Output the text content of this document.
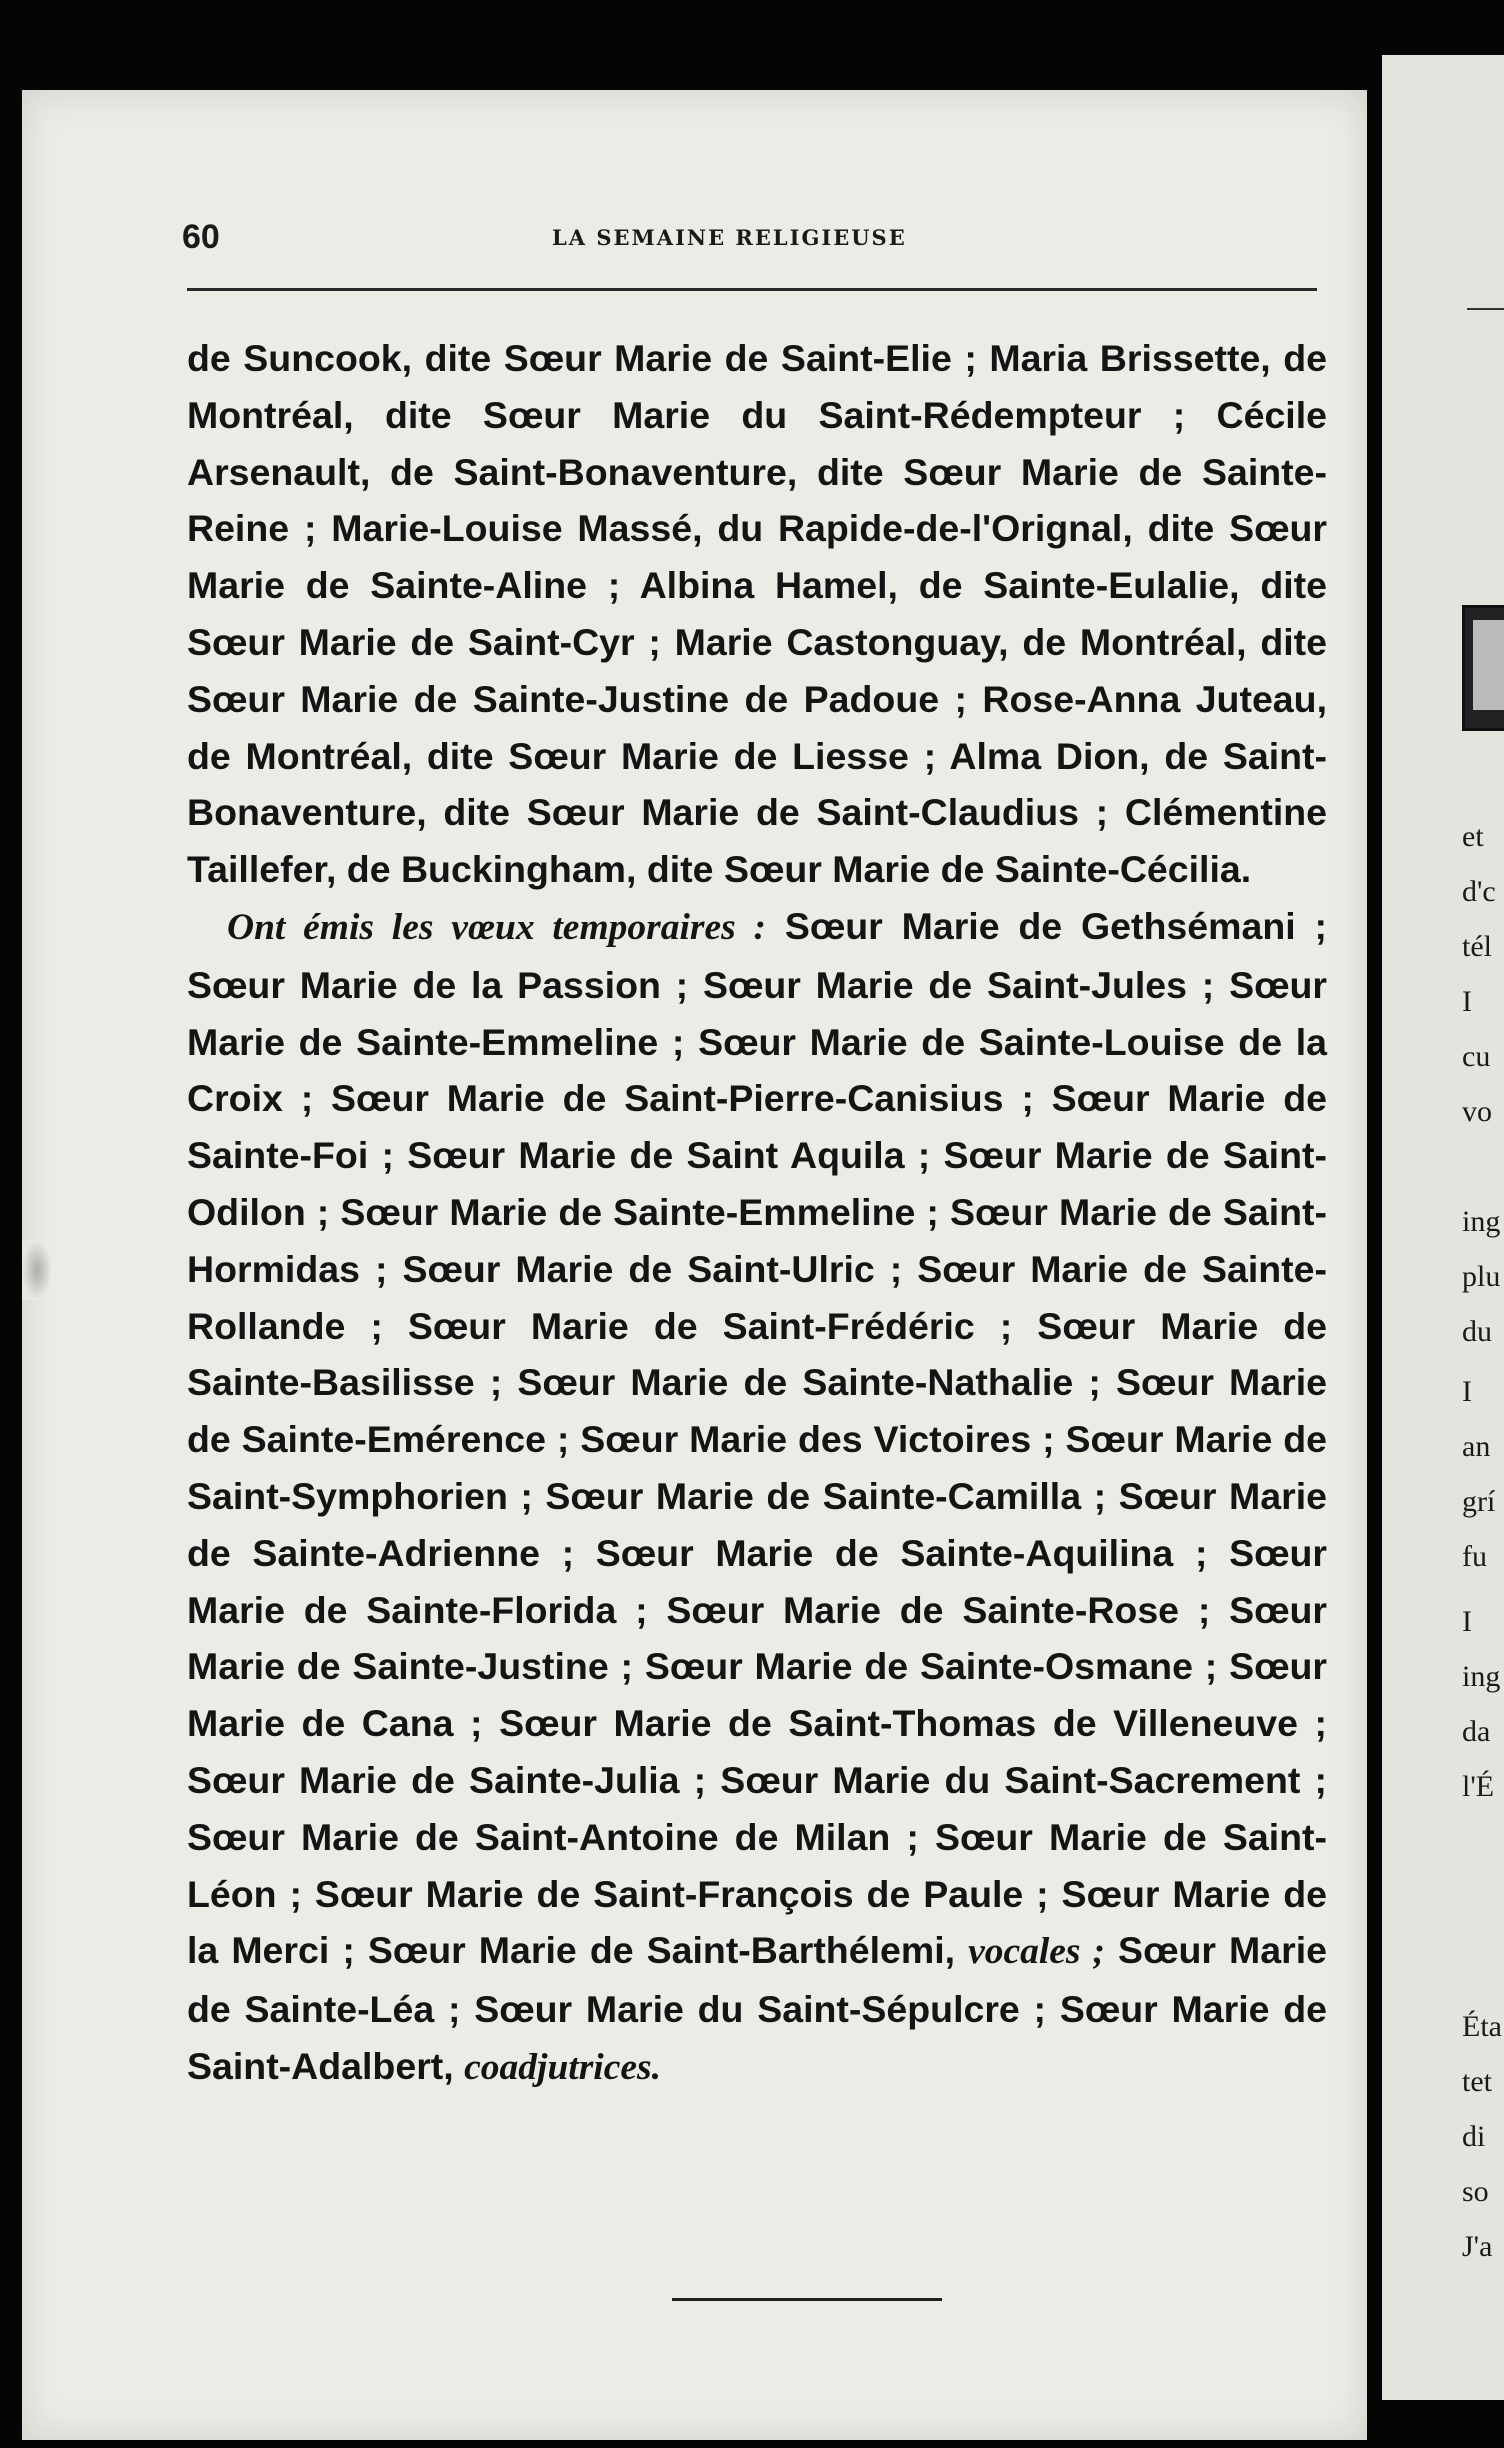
60	LA SEMAINE RELIGIEUSE

de Suncook, dite Sœur Marie de Saint-Elie ; Maria Brissette, de Montréal, dite Sœur Marie du Saint-Rédempteur ; Cécile Arsenault, de Saint-Bonaventure, dite Sœur Marie de Sainte-Reine ; Marie-Louise Massé, du Rapide-de-l'Orignal, dite Sœur Marie de Sainte-Aline ; Albina Hamel, de Sainte-Eulalie, dite Sœur Marie de Saint-Cyr ; Marie Castonguay, de Montréal, dite Sœur Marie de Sainte-Justine de Padoue ; Rose-Anna Juteau, de Montréal, dite Sœur Marie de Liesse ; Alma Dion, de Saint-Bonaventure, dite Sœur Marie de Saint-Claudius ; Clémentine Taillefer, de Buckingham, dite Sœur Marie de Sainte-Cécilia.

Ont émis les vœux temporaires : Sœur Marie de Gethsémani ; Sœur Marie de la Passion ; Sœur Marie de Saint-Jules ; Sœur Marie de Sainte-Emmeline ; Sœur Marie de Sainte-Louise de la Croix ; Sœur Marie de Saint-Pierre-Canisius ; Sœur Marie de Sainte-Foi ; Sœur Marie de Saint Aquila ; Sœur Marie de Saint-Odilon ; Sœur Marie de Sainte-Emmeline ; Sœur Marie de Saint-Hormidas ; Sœur Marie de Saint-Ulric ; Sœur Marie de Sainte-Rollande ; Sœur Marie de Saint-Frédéric ; Sœur Marie de Sainte-Basilisse ; Sœur Marie de Sainte-Nathalie ; Sœur Marie de Sainte-Emérence ; Sœur Marie des Victoires ; Sœur Marie de Saint-Symphorien ; Sœur Marie de Sainte-Camilla ; Sœur Marie de Sainte-Adrienne ; Sœur Marie de Sainte-Aquilina ; Sœur Marie de Sainte-Florida ; Sœur Marie de Sainte-Rose ; Sœur Marie de Sainte-Justine ; Sœur Marie de Sainte-Osmane ; Sœur Marie de Cana ; Sœur Marie de Saint-Thomas de Villeneuve ; Sœur Marie de Sainte-Julia ; Sœur Marie du Saint-Sacrement ; Sœur Marie de Saint-Antoine de Milan ; Sœur Marie de Saint-Léon ; Sœur Marie de Saint-François de Paule ; Sœur Marie de la Merci ; Sœur Marie de Saint-Barthélemi, vocales ; Sœur Marie de Sainte-Léa ; Sœur Marie du Saint-Sépulcre ; Sœur Marie de Saint-Adalbert, coadjutrices.

et
d'c
tél
I
cu
vo
ing
plu
du
I
an
grí
fu
I
ing
da
l'É
Éta
tet
di
so
J'a
